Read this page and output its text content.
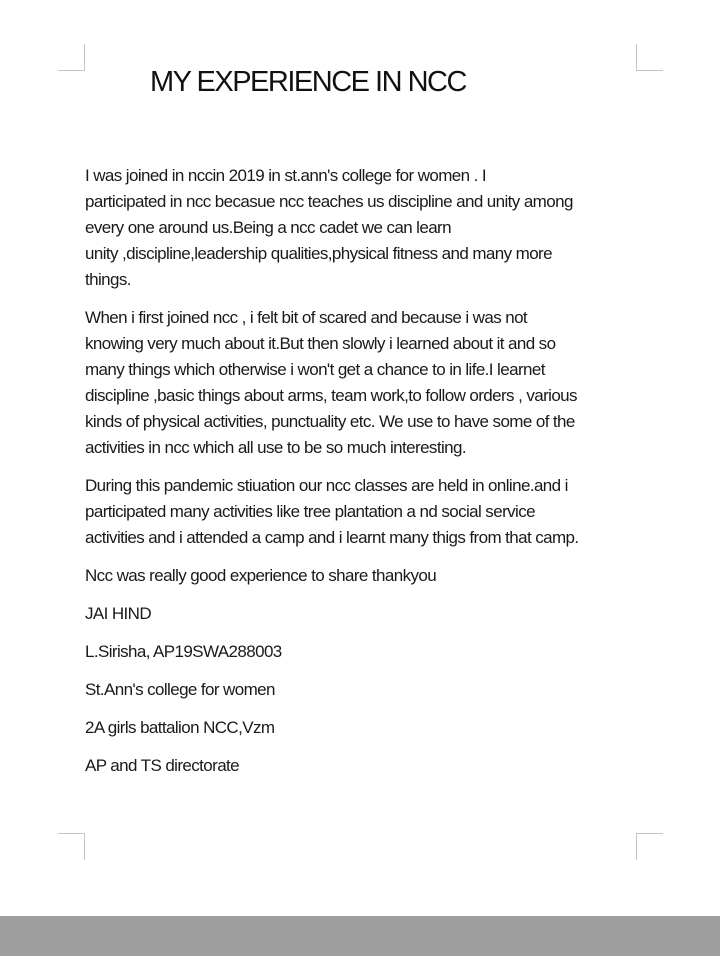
MY EXPERIENCE IN NCC

I was joined in nccin 2019 in st.ann's college for women . I
participated in ncc becasue ncc teaches us discipline and unity among
every one around us.Being a ncc cadet we can learn
unity ,discipline,leadership qualities,physical fitness and many more
things.

When i first joined ncc , i felt bit of scared and because i was not
knowing very much about it.But then slowly i learned about it and so
many things which otherwise i won't get a chance to in life.I learnet
discipline ,basic things about arms, team work,to follow orders , various
kinds of physical activities, punctuality etc. We use to have some of the
activities in ncc which all use to be so much interesting.

During this pandemic stiuation our ncc classes are held in online.and i
participated many activities like tree plantation a nd social service
activities and i attended a camp and i learnt many thigs from that camp.

Ncc was really good experience to share thankyou

JAI HIND

L.Sirisha, AP19SWA288003

St.Ann's college for women

2A girls battalion NCC,Vzm

AP and TS directorate
